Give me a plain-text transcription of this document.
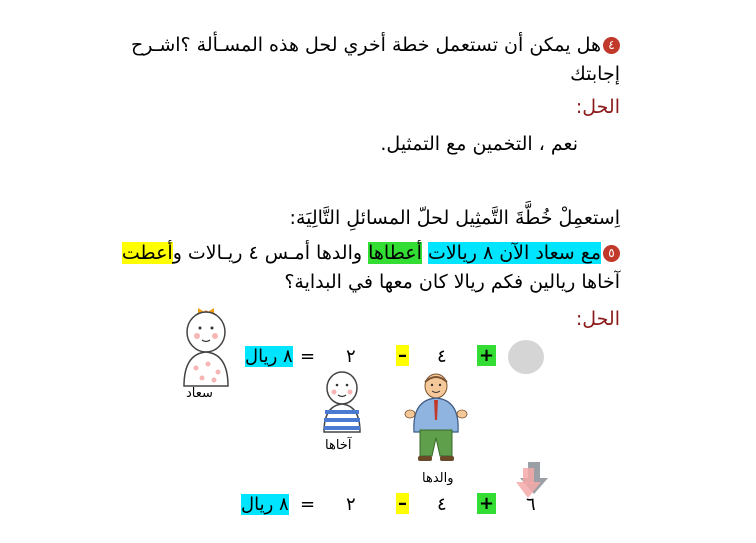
٤هل يمكن أن تستعمل خطة أخري لحل هذه المسـألة ؟اشـرح
إجابتك
الحل:
نعم ، التخمين مع التمثيل.
اِستعمِلْ خُطَّةَ التَّمثِيل لحلّ المسائلِ التَّالِيَة:
٥مع سعاد الآن ٨ ريالات أعطاها والدها أمـس ٤ ريـالات وأعطت
آخاها ريالين فكم ريالا كان معها في البداية؟
الحل:
٨ ريال = ٢ – ٤ +
٨ ريال = ٢ – ٤ + ٦
سعاد
آخاها
والدها
